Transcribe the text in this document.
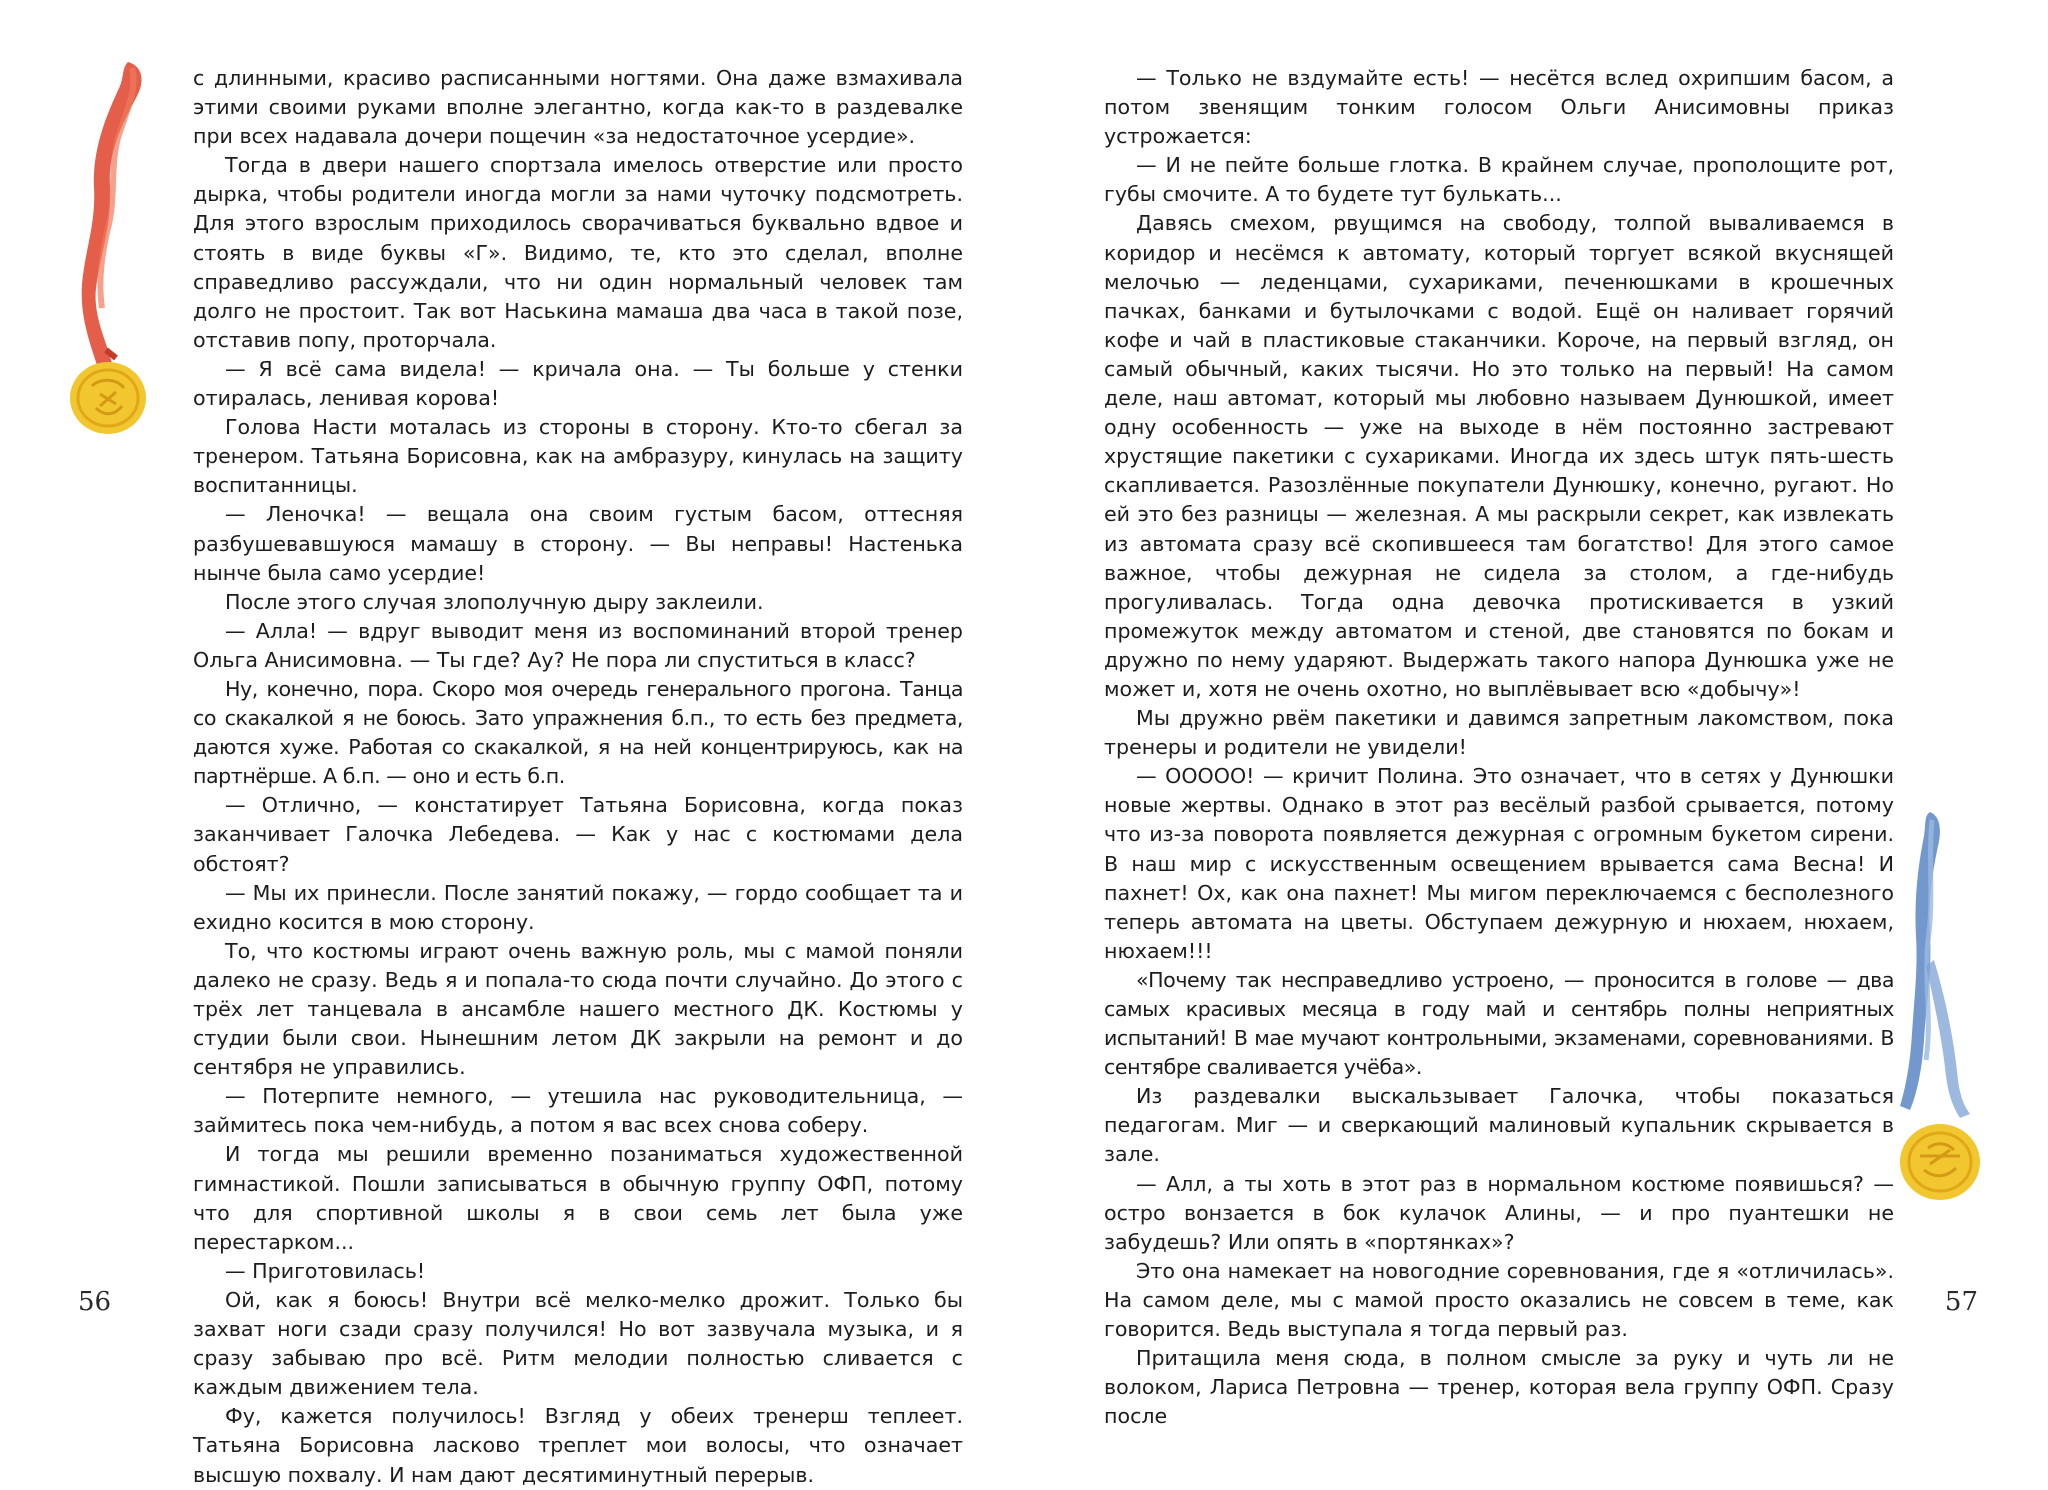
с длинными, красиво расписанными ногтями. Она даже взмахивала этими своими руками вполне элегантно, когда как-то в раздевалке при всех надавала дочери пощечин «за недостаточное усердие».

Тогда в двери нашего спортзала имелось отверстие или просто дырка, чтобы родители иногда могли за нами чуточку подсмотреть. Для этого взрослым приходилось сворачиваться буквально вдвое и стоять в виде буквы «Г». Видимо, те, кто это сделал, вполне справедливо рассуждали, что ни один нормальный человек там долго не простоит. Так вот Наськина мамаша два часа в такой позе, отставив попу, проторчала.

— Я всё сама видела! — кричала она. — Ты больше у стенки отиралась, ленивая корова!

Голова Насти моталась из стороны в сторону. Кто-то сбегал за тренером. Татьяна Борисовна, как на амбразуру, кинулась на защиту воспитанницы.

— Леночка! — вещала она своим густым басом, оттесняя разбушевавшуюся мамашу в сторону. — Вы неправы! Настенька нынче была само усердие!

После этого случая злополучную дыру заклеили.

— Алла! — вдруг выводит меня из воспоминаний второй тренер Ольга Анисимовна. — Ты где? Ау? Не пора ли спуститься в класс?

Ну, конечно, пора. Скоро моя очередь генерального прогона. Танца со скакалкой я не боюсь. Зато упражнения б.п., то есть без предмета, даются хуже. Работая со скакалкой, я на ней концентрируюсь, как на партнёрше. А б.п. — оно и есть б.п.

— Отлично, — констатирует Татьяна Борисовна, когда показ заканчивает Галочка Лебедева. — Как у нас с костюмами дела обстоят?

— Мы их принесли. После занятий покажу, — гордо сообщает та и ехидно косится в мою сторону.

То, что костюмы играют очень важную роль, мы с мамой поняли далеко не сразу. Ведь я и попала-то сюда почти случайно. До этого с трёх лет танцевала в ансамбле нашего местного ДК. Костюмы у студии были свои. Нынешним летом ДК закрыли на ремонт и до сентября не управились.

— Потерпите немного, — утешила нас руководительница, — займитесь пока чем-нибудь, а потом я вас всех снова соберу.

И тогда мы решили временно позаниматься художественной гимнастикой. Пошли записываться в обычную группу ОФП, потому что для спортивной школы я в свои семь лет была уже перестарком...

— Приготовилась!

Ой, как я боюсь! Внутри всё мелко-мелко дрожит. Только бы захват ноги сзади сразу получился! Но вот зазвучала музыка, и я сразу забываю про всё. Ритм мелодии полностью сливается с каждым движением тела.

Фу, кажется получилось! Взгляд у обеих тренерш теплеет. Татьяна Борисовна ласково треплет мои волосы, что означает высшую похвалу. И нам дают десятиминутный перерыв.

56

— Только не вздумайте есть! — несётся вслед охрипшим басом, а потом звенящим тонким голосом Ольги Анисимовны приказ устрожается:

— И не пейте больше глотка. В крайнем случае, прополощите рот, губы смочите. А то будете тут булькать...

Давясь смехом, рвущимся на свободу, толпой вываливаемся в коридор и несёмся к автомату, который торгует всякой вкуснящей мелочью — леденцами, сухариками, печенюшками в крошечных пачках, банками и бутылочками с водой. Ещё он наливает горячий кофе и чай в пластиковые стаканчики. Короче, на первый взгляд, он самый обычный, каких тысячи. Но это только на первый! На самом деле, наш автомат, который мы любовно называем Дунюшкой, имеет одну особенность — уже на выходе в нём постоянно застревают хрустящие пакетики с сухариками. Иногда их здесь штук пять-шесть скапливается. Разозлённые покупатели Дунюшку, конечно, ругают. Но ей это без разницы — железная. А мы раскрыли секрет, как извлекать из автомата сразу всё скопившееся там богатство! Для этого самое важное, чтобы дежурная не сидела за столом, а где-нибудь прогуливалась. Тогда одна девочка протискивается в узкий промежуток между автоматом и стеной, две становятся по бокам и дружно по нему ударяют. Выдержать такого напора Дунюшка уже не может и, хотя не очень охотно, но выплёвывает всю «добычу»!

Мы дружно рвём пакетики и давимся запретным лакомством, пока тренеры и родители не увидели!

— ООООО! — кричит Полина. Это означает, что в сетях у Дунюшки новые жертвы. Однако в этот раз весёлый разбой срывается, потому что из-за поворота появляется дежурная с огромным букетом сирени. В наш мир с искусственным освещением врывается сама Весна! И пахнет! Ох, как она пахнет! Мы мигом переключаемся с бесполезного теперь автомата на цветы. Обступаем дежурную и нюхаем, нюхаем, нюхаем!!!

«Почему так несправедливо устроено, — проносится в голове — два самых красивых месяца в году май и сентябрь полны неприятных испытаний! В мае мучают контрольными, экзаменами, соревнованиями. В сентябре сваливается учёба».

Из раздевалки выскальзывает Галочка, чтобы показаться педагогам. Миг — и сверкающий малиновый купальник скрывается в зале.

— Алл, а ты хоть в этот раз в нормальном костюме появишься? — остро вонзается в бок кулачок Алины, — и про пуантешки не забудешь? Или опять в «портянках»?

Это она намекает на новогодние соревнования, где я «отличилась». На самом деле, мы с мамой просто оказались не совсем в теме, как говорится. Ведь выступала я тогда первый раз.

Притащила меня сюда, в полном смысле за руку и чуть ли не волоком, Лариса Петровна — тренер, которая вела группу ОФП. Сразу после

57
